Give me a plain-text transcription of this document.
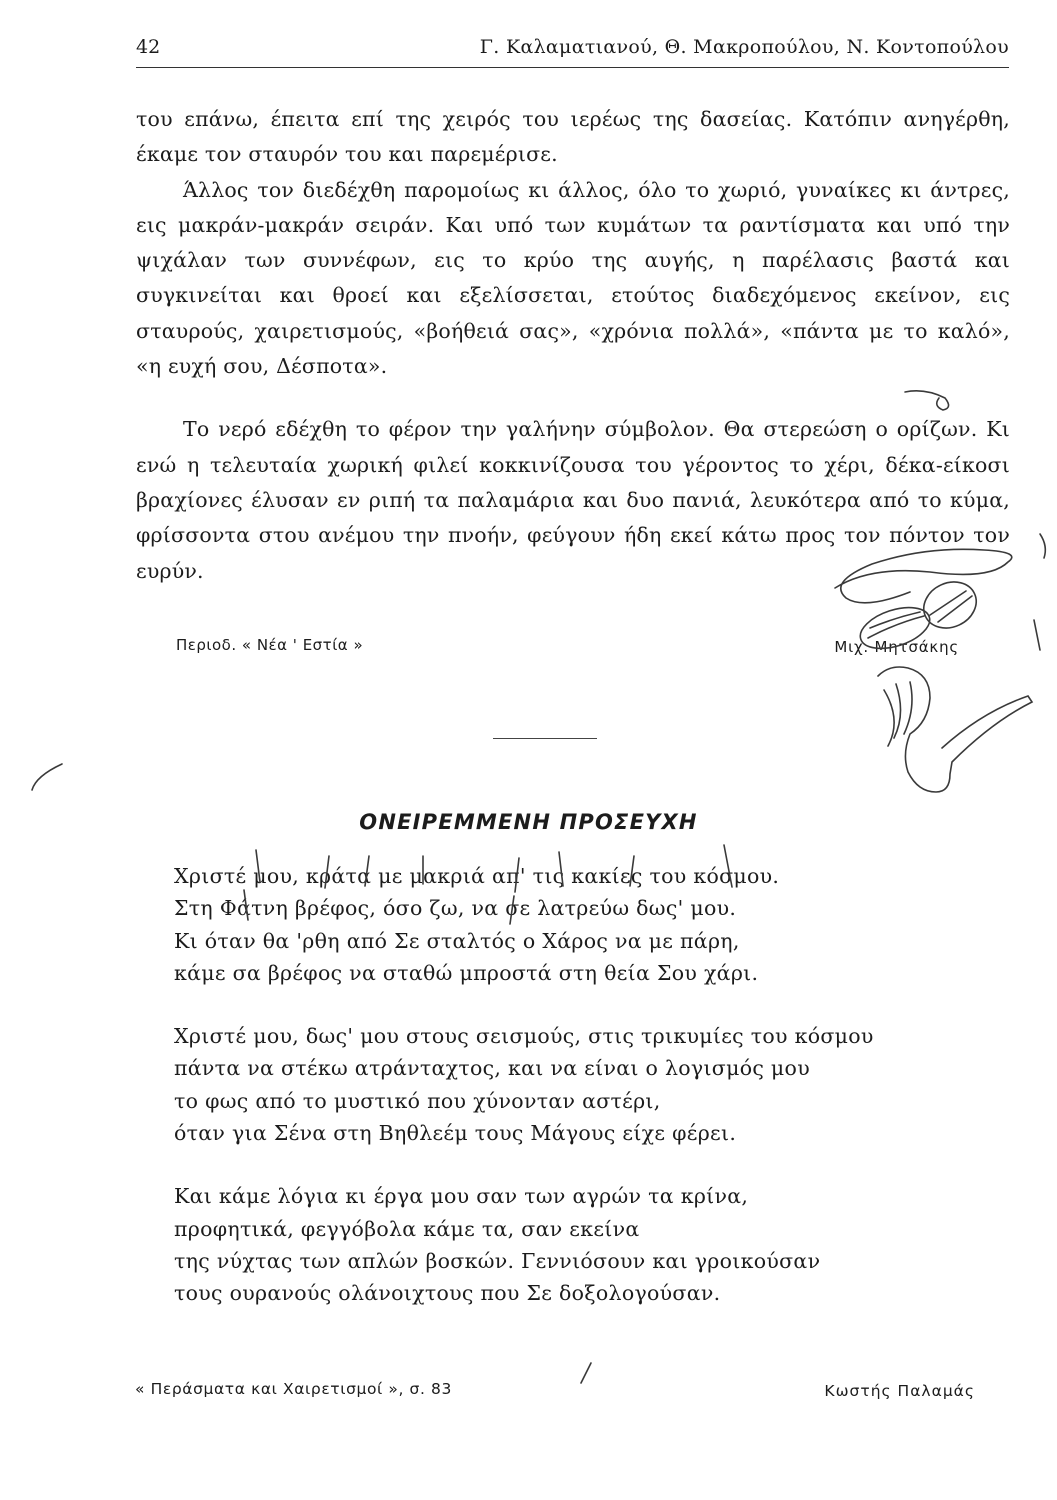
42	Γ. Καλαματιανού, Θ. Μακροπούλου, Ν. Κοντοπούλου

του επάνω, έπειτα επί της χειρός του ιερέως της δασείας. Κατόπιν ανηγέρθη, έκαμε τον σταυρόν του και παρεμέρισε.

Άλλος τον διεδέχθη παρομοίως κι άλλος, όλο το χωριό, γυναίκες κι άντρες, εις μακράν-μακράν σειράν. Και υπό των κυμάτων τα ραντίσματα και υπό την ψιχάλαν των συννέφων, εις το κρύο της αυγής, η παρέλασις βαστά και συγκινείται και θροεί και εξελίσσεται, ετούτος διαδεχόμενος εκείνον, εις σταυρούς, χαιρετισμούς, «βοήθειά σας», «χρόνια πολλά», «πάντα με το καλό», «η ευχή σου, Δέσποτα».

Το νερό εδέχθη το φέρον την γαλήνην σύμβολον. Θα στερεώση ο ορίζων. Κι ενώ η τελευταία χωρική φιλεί κοκκινίζουσα του γέροντος το χέρι, δέκα-είκοσι βραχίονες έλυσαν εν ριπή τα παλαμάρια και δυο πανιά, λευκότερα από το κύμα, φρίσσοντα στου ανέμου την πνοήν, φεύγουν ήδη εκεί κάτω προς τον πόντον τον ευρύν.

Περιοδ. « Νέα ' Εστία »	Μιχ. Μητσάκης
ΟΝΕΙΡΕΜΜΕΝΗ ΠΡΟΣΕΥΧΗ
Χριστέ μου, κράτα με μακριά απ' τις κακίες του κόσμου.
Στη Φάτνη βρέφος, όσο ζω, να σε λατρεύω δως' μου.
Κι όταν θα 'ρθη από Σε σταλτός ο Χάρος να με πάρη,
κάμε σα βρέφος να σταθώ μπροστά στη θεία Σου χάρι.
Χριστέ μου, δως' μου στους σεισμούς, στις τρικυμίες του κόσμου
πάντα να στέκω ατράνταχτος, και να είναι ο λογισμός μου
το φως από το μυστικό που χύνονταν αστέρι,
όταν για Σένα στη Βηθλεέμ τους Μάγους είχε φέρει.
Και κάμε λόγια κι έργα μου σαν των αγρών τα κρίνα,
προφητικά, φεγγόβολα κάμε τα, σαν εκείνα
της νύχτας των απλών βοσκών. Γεννιόσουν και γροικούσαν
τους ουρανούς ολάνοιχτους που Σε δοξολογούσαν.
« Περάσματα και Χαιρετισμοί », σ. 83	Κωστής Παλαμάς
